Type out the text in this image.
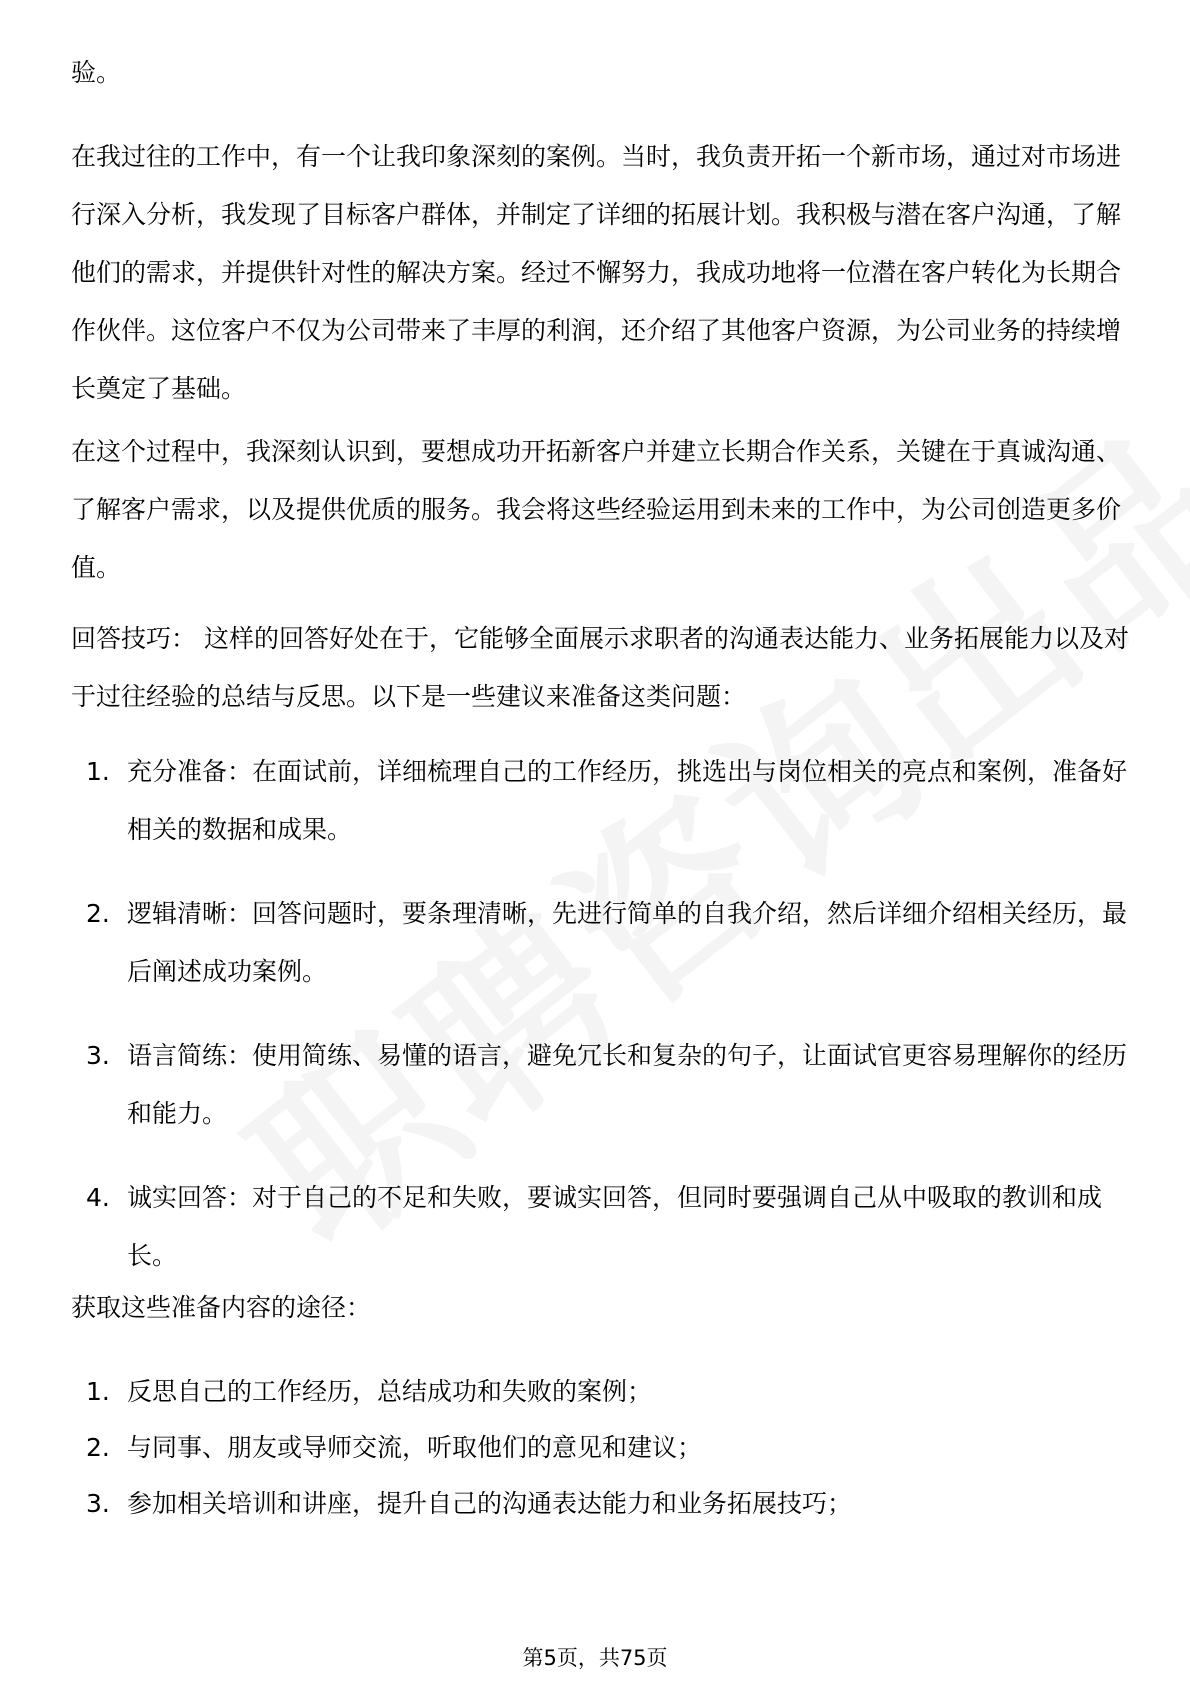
验。

在我过往的工作中，有一个让我印象深刻的案例。当时，我负责开拓一个新市场，通过对市场进行深入分析，我发现了目标客户群体，并制定了详细的拓展计划。我积极与潜在客户沟通，了解他们的需求，并提供针对性的解决方案。经过不懈努力，我成功地将一位潜在客户转化为长期合作伙伴。这位客户不仅为公司带来了丰厚的利润，还介绍了其他客户资源，为公司业务的持续增长奠定了基础。

在这个过程中，我深刻认识到，要想成功开拓新客户并建立长期合作关系，关键在于真诚沟通、了解客户需求，以及提供优质的服务。我会将这些经验运用到未来的工作中，为公司创造更多价值。

回答技巧： 这样的回答好处在于，它能够全面展示求职者的沟通表达能力、业务拓展能力以及对于过往经验的总结与反思。以下是一些建议来准备这类问题：

1. 充分准备：在面试前，详细梳理自己的工作经历，挑选出与岗位相关的亮点和案例，准备好相关的数据和成果。
2. 逻辑清晰：回答问题时，要条理清晰，先进行简单的自我介绍，然后详细介绍相关经历，最后阐述成功案例。
3. 语言简练：使用简练、易懂的语言，避免冗长和复杂的句子，让面试官更容易理解你的经历和能力。
4. 诚实回答：对于自己的不足和失败，要诚实回答，但同时要强调自己从中吸取的教训和成长。

获取这些准备内容的途径：

1. 反思自己的工作经历，总结成功和失败的案例；
2. 与同事、朋友或导师交流，听取他们的意见和建议；
3. 参加相关培训和讲座，提升自己的沟通表达能力和业务拓展技巧；
第5页，共75页
